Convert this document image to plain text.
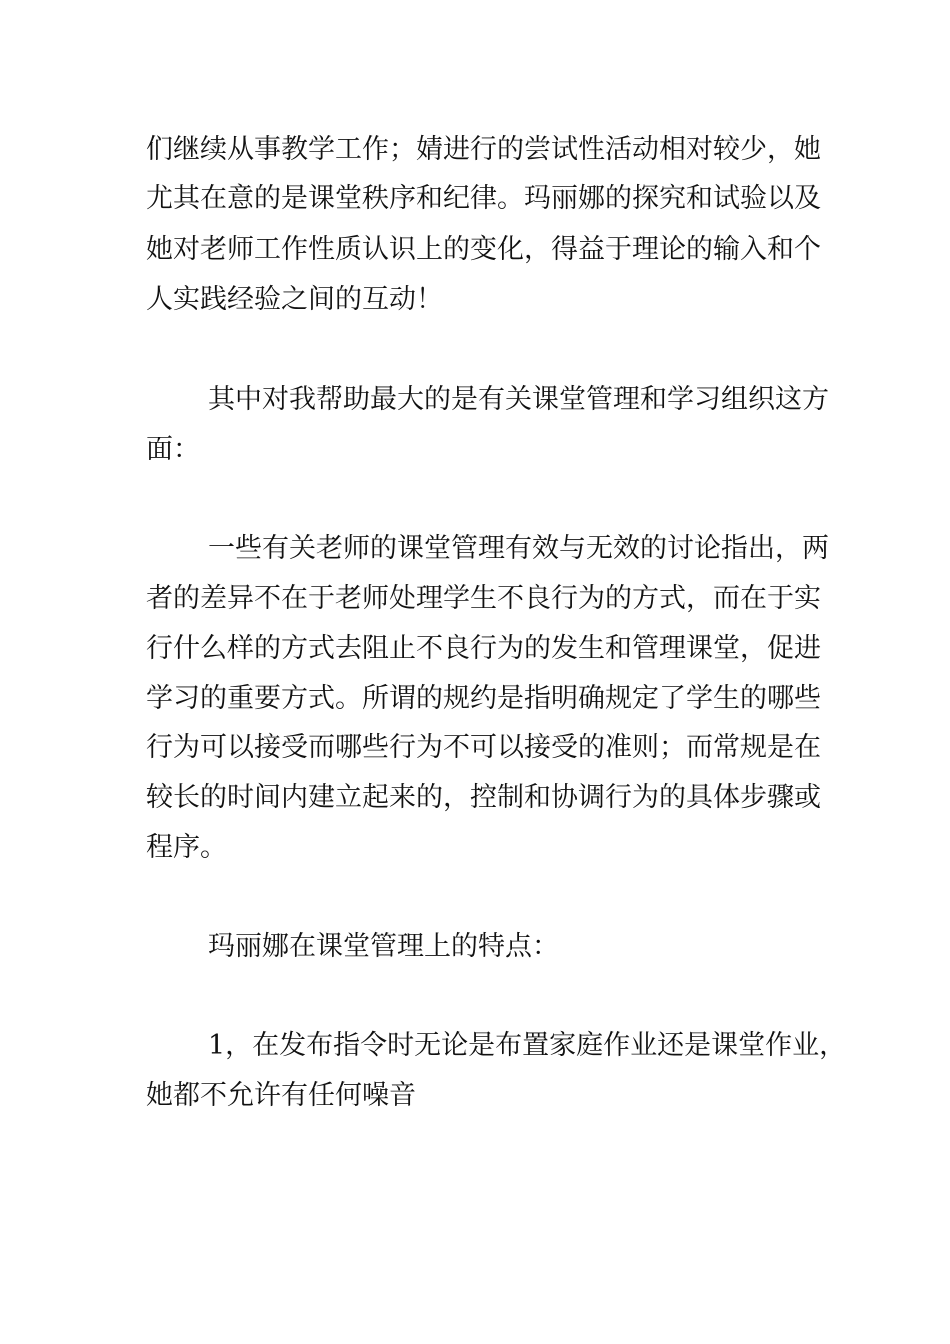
们继续从事教学工作；婧进行的尝试性活动相对较少，她

尤其在意的是课堂秩序和纪律。玛丽娜的探究和试验以及

她对老师工作性质认识上的变化，得益于理论的输入和个

人实践经验之间的互动！

其中对我帮助最大的是有关课堂管理和学习组织这方

面：

一些有关老师的课堂管理有效与无效的讨论指出，两

者的差异不在于老师处理学生不良行为的方式，而在于实

行什么样的方式去阻止不良行为的发生和管理课堂，促进

学习的重要方式。所谓的规约是指明确规定了学生的哪些

行为可以接受而哪些行为不可以接受的准则；而常规是在

较长的时间内建立起来的，控制和协调行为的具体步骤或

程序。

玛丽娜在课堂管理上的特点：

1，在发布指令时无论是布置家庭作业还是课堂作业，

她都不允许有任何噪音
